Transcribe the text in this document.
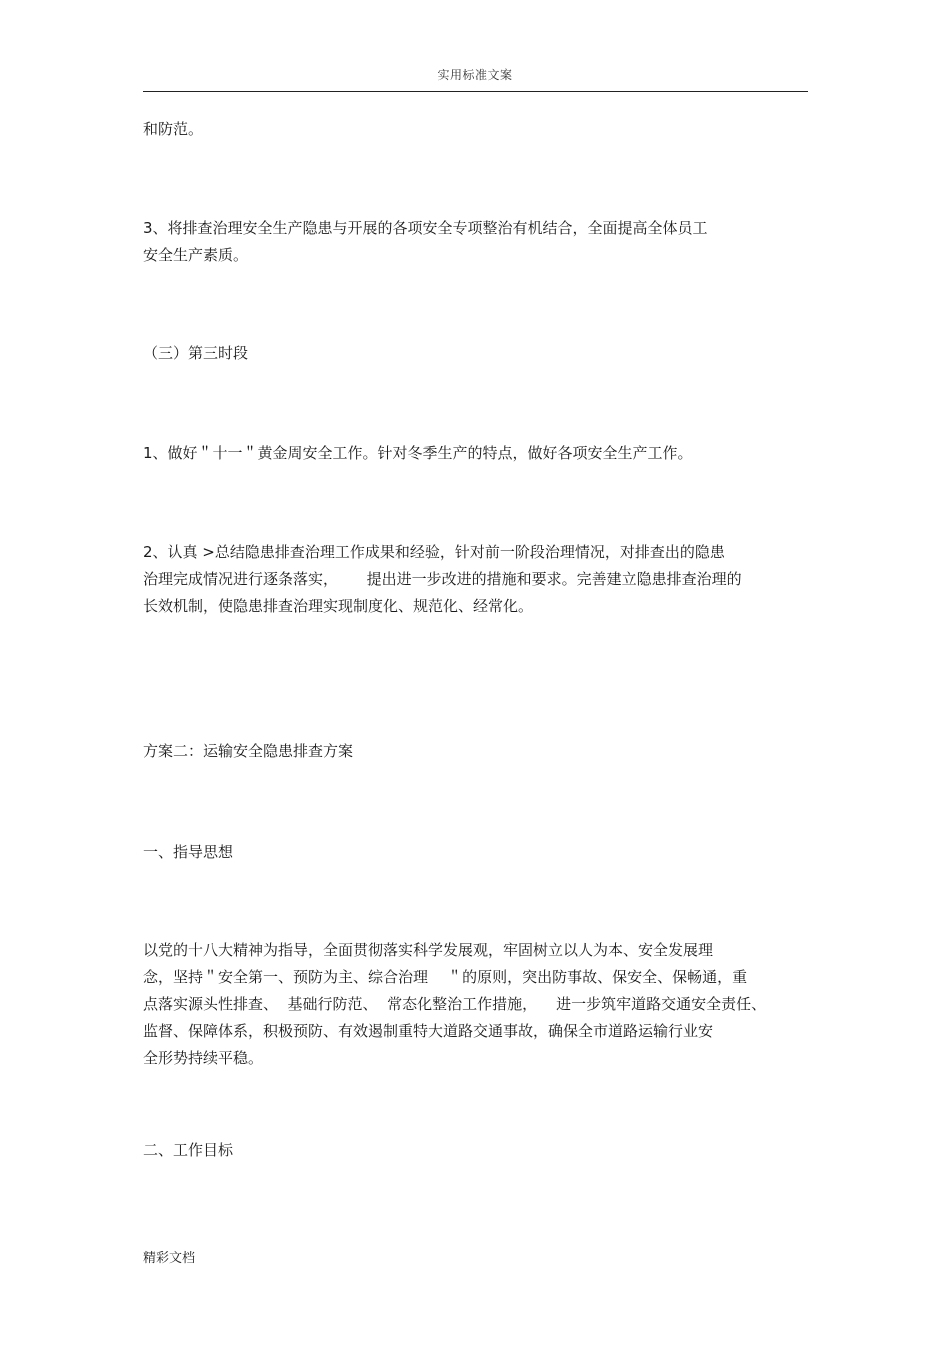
实用标准文案
和防范。
3、将排查治理安全生产隐患与开展的各项安全专项整治有机结合，全面提高全体员工
安全生产素质。
（三）第三时段
1、做好＂十一＂黄金周安全工作。针对冬季生产的特点，做好各项安全生产工作。
2、认真 >总结隐患排查治理工作成果和经验，针对前一阶段治理情况，对排查出的隐患
治理完成情况进行逐条落实，      提出进一步改进的措施和要求。完善建立隐患排查治理的
长效机制，使隐患排查治理实现制度化、规范化、经常化。
方案二：运输安全隐患排查方案
一、指导思想
以党的十八大精神为指导，全面贯彻落实科学发展观，牢固树立以人为本、安全发展理
念，坚持＂安全第一、预防为主、综合治理    ＂的原则，突出防事故、保安全、保畅通，重
点落实源头性排查、  基础行防范、  常态化整治工作措施，    进一步筑牢道路交通安全责任、
监督、保障体系，积极预防、有效遏制重特大道路交通事故，确保全市道路运输行业安
全形势持续平稳。
二、工作目标
精彩文档
